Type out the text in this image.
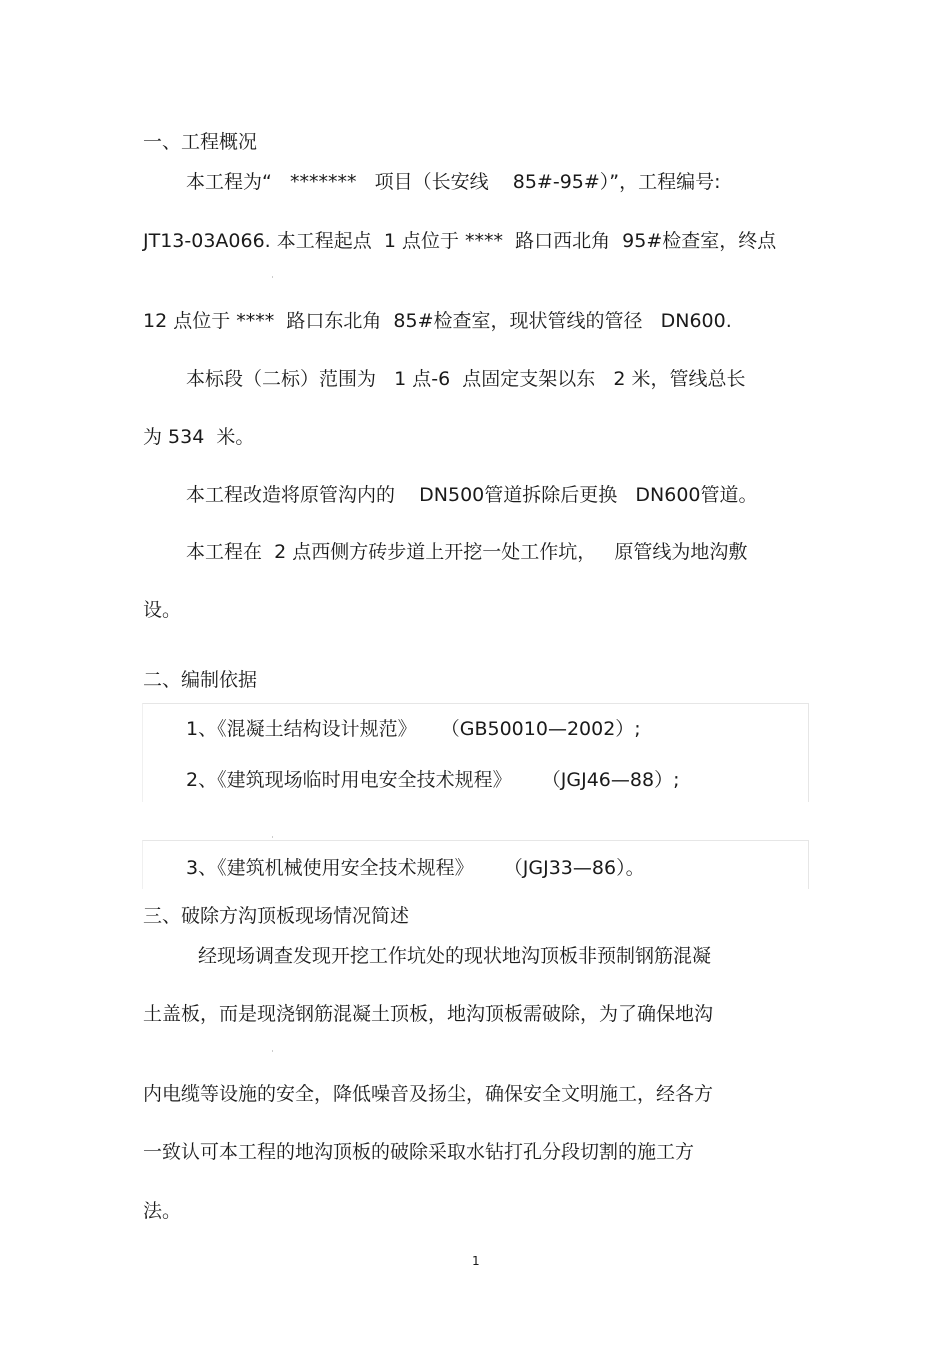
一、工程概况
本工程为“   *******   项目（长安线    85#-95#）”，工程编号:
JT13-03A066. 本工程起点  1 点位于 ****  路口西北角  95#检查室，终点
12 点位于 ****  路口东北角  85#检查室，现状管线的管径   DN600.
本标段（二标）范围为   1 点-6  点固定支架以东   2 米，管线总长
为 534  米。
本工程改造将原管沟内的    DN500管道拆除后更换   DN600管道。
本工程在  2 点西侧方砖步道上开挖一处工作坑，   原管线为地沟敷
设。
二、编制依据
1、《混凝土结构设计规范》    （GB50010—2002）;
2、《建筑现场临时用电安全技术规程》     （JGJ46—88）;
3、《建筑机械使用安全技术规程》     （JGJ33—86）。
三、破除方沟顶板现场情况简述
经现场调查发现开挖工作坑处的现状地沟顶板非预制钢筋混凝
土盖板，而是现浇钢筋混凝土顶板，地沟顶板需破除，为了确保地沟
内电缆等设施的安全，降低噪音及扬尘，确保安全文明施工，经各方
一致认可本工程的地沟顶板的破除采取水钻打孔分段切割的施工方
法。
1
